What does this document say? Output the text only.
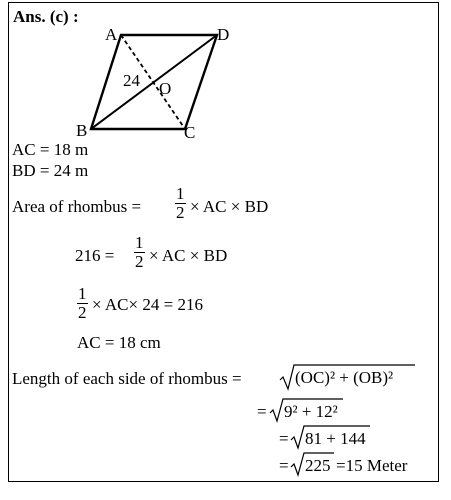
Ans. (c) :
A	D
B	C
O
24
AC = 18 m
BD = 24 m
Area of rhombus = $\frac{1}{2}$ × AC × BD
$216 = \frac{1}{2}$ × AC × BD
$\frac{1}{2} \times AC\times 24 = 216$
AC = 18 cm
Length of each side of rhombus =	(OC)² + (OB)²
= 9² + 12²
= 81 + 144
= 225 =15 Meter
